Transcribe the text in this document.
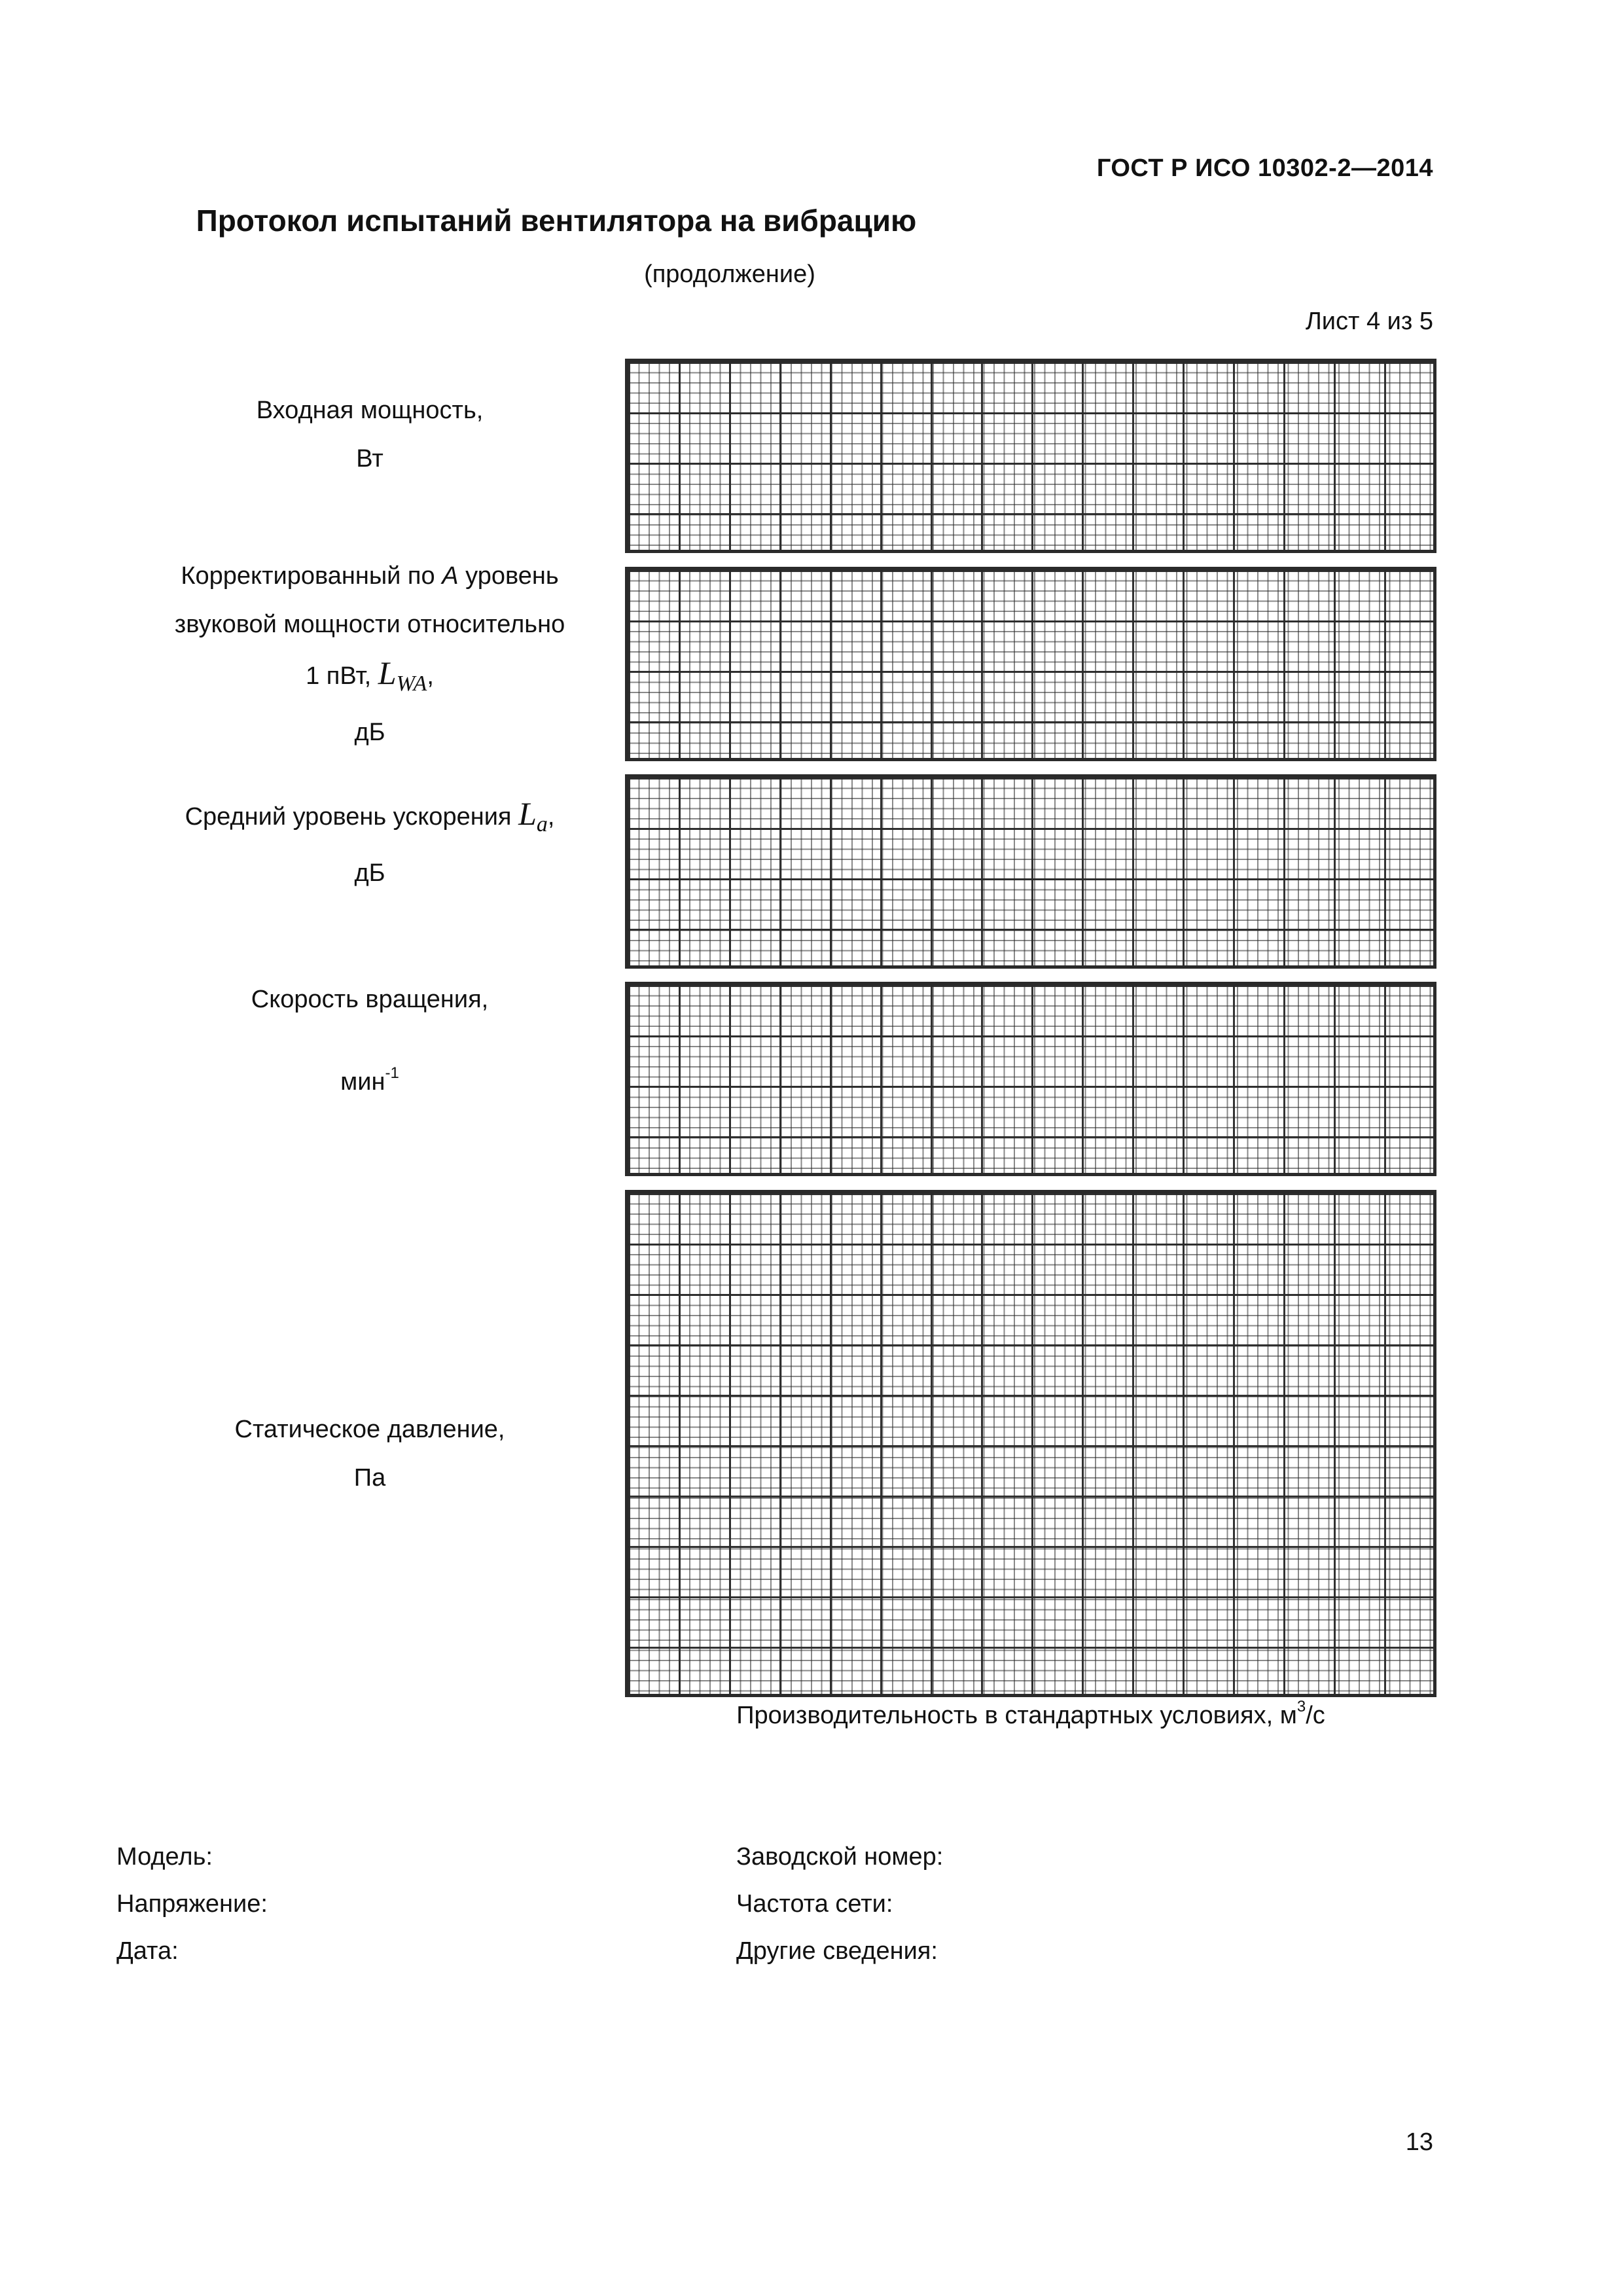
ГОСТ Р ИСО 10302-2—2014
Протокол испытаний вентилятора на вибрацию
(продолжение)
Лист 4 из 5
Входная мощность,
Вт
Корректированный по A уровень
звуковой мощности относительно
1 пВт, $L_{WA}$,
дБ
Средний уровень ускорения $L_a$,
дБ
Скорость вращения,
мин$^{-1}$
Статическое давление,
Па
Производительность в стандартных условиях, $м^3/с$
Модель:	Заводской номер:
Напряжение:	Частота сети:
Дата:	Другие сведения:
13
